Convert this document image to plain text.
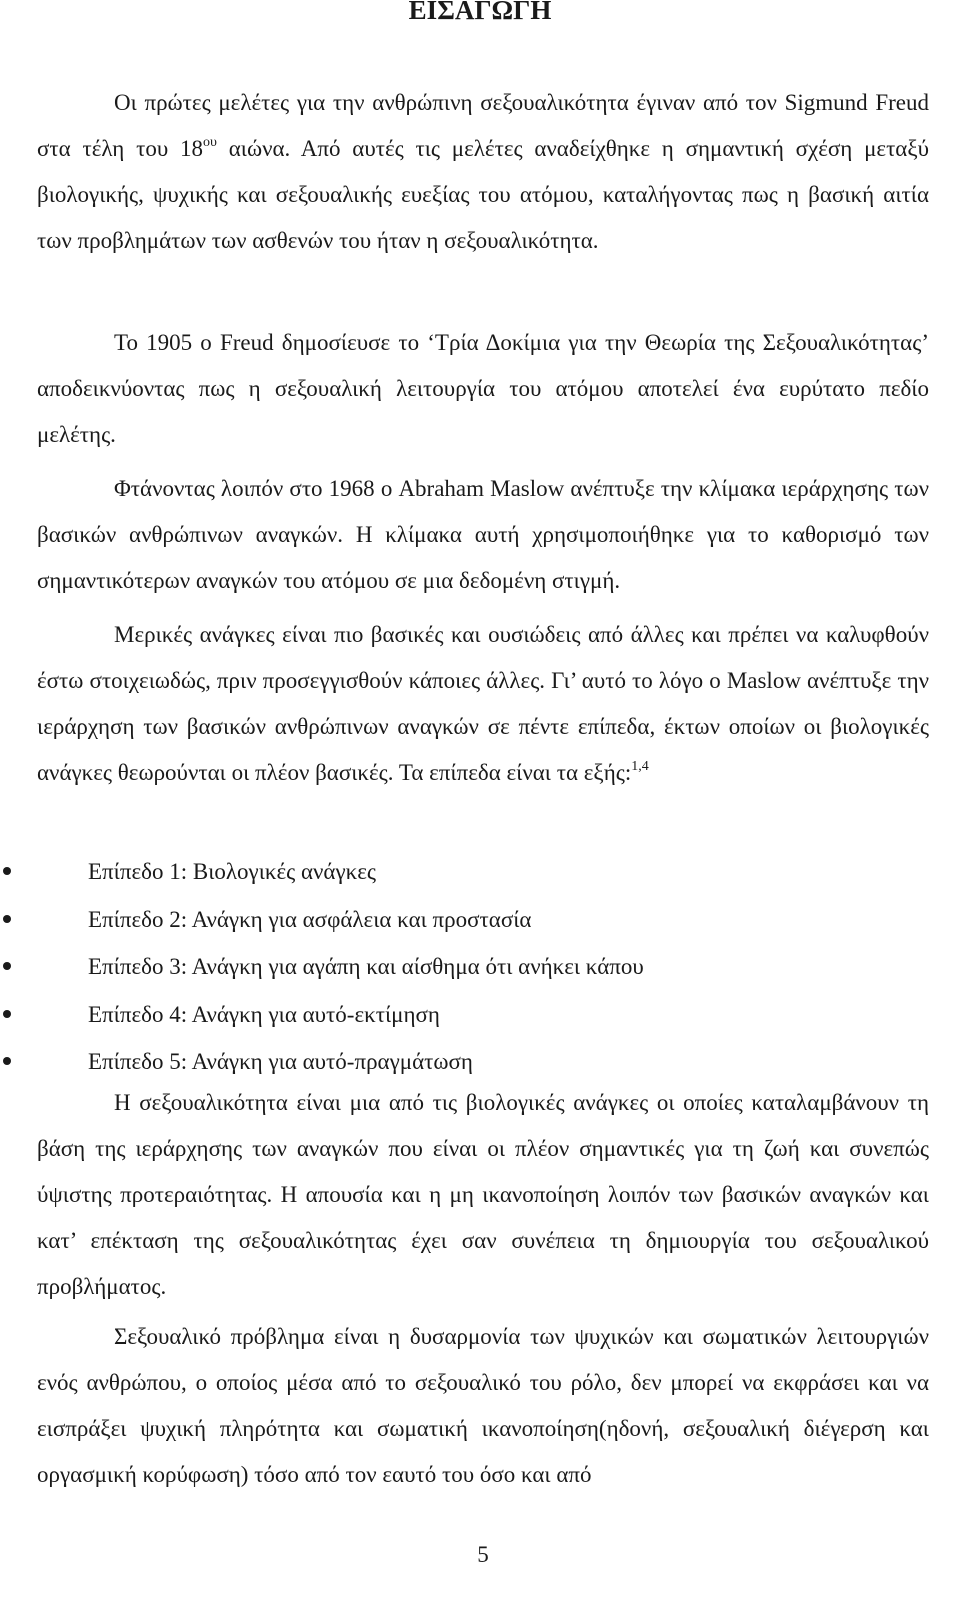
ΕΙΣΑΓΩΓΗ

Οι πρώτες μελέτες για την ανθρώπινη σεξουαλικότητα έγιναν από τον Sigmund Freud στα τέλη του $18^{o\upsilon}$ αιώνα. Από αυτές τις μελέτες αναδείχθηκε η σημαντική σχέση μεταξύ βιολογικής, ψυχικής και σεξουαλικής ευεξίας του ατόμου, καταλήγοντας πως η βασική αιτία των προβλημάτων των ασθενών του ήταν η σεξουαλικότητα.

Το 1905 ο Freud δημοσίευσε το ‘Τρία Δοκίμια για την Θεωρία της Σεξουαλικότητας’ αποδεικνύοντας πως η σεξουαλική λειτουργία του ατόμου αποτελεί ένα ευρύτατο πεδίο μελέτης.

Φτάνοντας λοιπόν στο 1968 ο Abraham Maslow ανέπτυξε την κλίμακα ιεράρχησης των βασικών ανθρώπινων αναγκών. Η κλίμακα αυτή χρησιμοποιήθηκε για το καθορισμό των σημαντικότερων αναγκών του ατόμου σε μια δεδομένη στιγμή.

Μερικές ανάγκες είναι πιο βασικές και ουσιώδεις από άλλες και πρέπει να καλυφθούν έστω στοιχειωδώς, πριν προσεγγισθούν κάποιες άλλες. Γι’ αυτό το λόγο ο Maslow ανέπτυξε την ιεράρχηση των βασικών ανθρώπινων αναγκών σε πέντε επίπεδα, έκτων οποίων οι βιολογικές ανάγκες θεωρούνται οι πλέον βασικές. Τα επίπεδα είναι τα εξής:$^{1,4}$

Επίπεδο 1: Βιολογικές ανάγκες
Επίπεδο 2: Ανάγκη για ασφάλεια και προστασία
Επίπεδο 3: Ανάγκη για αγάπη και αίσθημα ότι ανήκει κάπου
Επίπεδο 4: Ανάγκη για αυτό-εκτίμηση
Επίπεδο 5: Ανάγκη για αυτό-πραγμάτωση

Η σεξουαλικότητα είναι μια από τις βιολογικές ανάγκες οι οποίες καταλαμβάνουν τη βάση της ιεράρχησης των αναγκών που είναι οι πλέον σημαντικές για τη ζωή και συνεπώς ύψιστης προτεραιότητας. Η απουσία και η μη ικανοποίηση λοιπόν των βασικών αναγκών και κατ’ επέκταση της σεξουαλικότητας έχει σαν συνέπεια τη δημιουργία του σεξουαλικού προβλήματος.

Σεξουαλικό πρόβλημα είναι η δυσαρμονία των ψυχικών και σωματικών λειτουργιών ενός ανθρώπου, ο οποίος μέσα από το σεξουαλικό του ρόλο, δεν μπορεί να εκφράσει και να εισπράξει ψυχική πληρότητα και σωματική ικανοποίηση(ηδονή, σεξουαλική διέγερση και οργασμική κορύφωση) τόσο από τον εαυτό του όσο και από

5
